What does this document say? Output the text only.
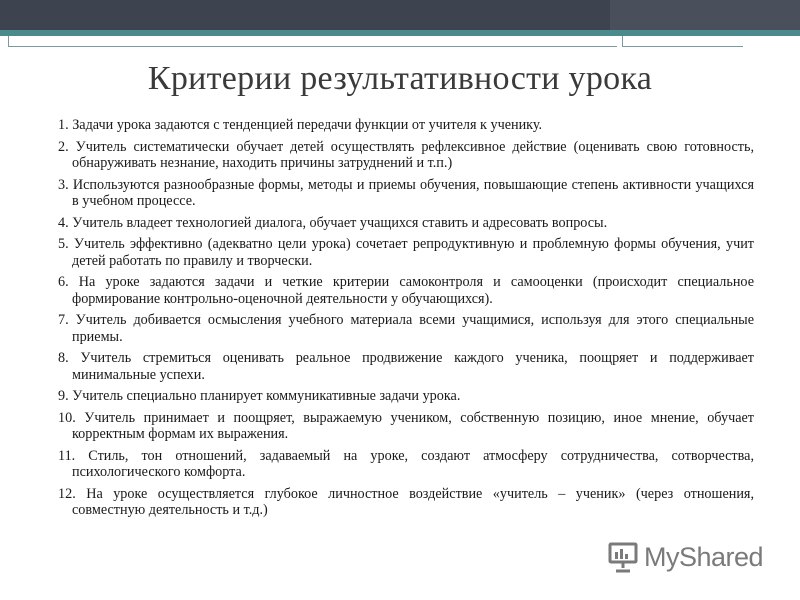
Критерии результативности урока

1. Задачи урока задаются с тенденцией передачи функции от учителя к ученику.

2. Учитель систематически обучает детей осуществлять рефлексивное действие (оценивать свою готовность, обнаруживать незнание, находить причины затруднений и т.п.)

3. Используются разнообразные формы, методы и приемы обучения, повышающие степень активности учащихся в учебном процессе.

4. Учитель владеет технологией диалога, обучает учащихся ставить и адресовать вопросы.

5. Учитель эффективно (адекватно цели урока) сочетает репродуктивную и проблемную формы обучения, учит детей работать по правилу и творчески.

6. На уроке задаются задачи и четкие критерии самоконтроля и самооценки (происходит специальное формирование контрольно-оценочной деятельности у обучающихся).

7. Учитель добивается осмысления учебного материала всеми учащимися, используя для этого специальные приемы.

8. Учитель стремиться оценивать реальное продвижение каждого ученика, поощряет и поддерживает минимальные успехи.

9. Учитель специально планирует коммуникативные задачи урока.

10. Учитель принимает и поощряет, выражаемую учеником, собственную позицию, иное мнение, обучает корректным формам их выражения.

11. Стиль, тон отношений, задаваемый на уроке, создают атмосферу сотрудничества, сотворчества, психологического комфорта.

12. На уроке осуществляется глубокое личностное воздействие «учитель – ученик» (через отношения, совместную деятельность и т.д.)

MyShared
